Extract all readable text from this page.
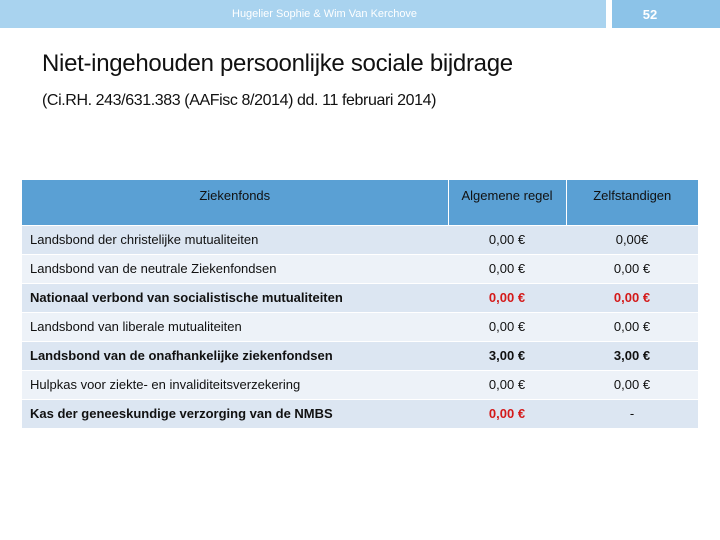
Hugelier Sophie & Wim Van Kerchove	52
Niet-ingehouden persoonlijke sociale bijdrage
(Ci.RH. 243/631.383 (AAFisc 8/2014) dd. 11 februari 2014)
Ziekenfonds	Algemene regel	Zelfstandigen
Landsbond der christelijke mutualiteiten	0,00 €	0,00€
Landsbond van de neutrale Ziekenfondsen	0,00 €	0,00 €
Nationaal verbond van socialistische mutualiteiten	0,00 €	0,00 €
Landsbond van liberale mutualiteiten	0,00 €	0,00 €
Landsbond van de onafhankelijke ziekenfondsen	3,00 €	3,00 €
Hulpkas voor ziekte- en invaliditeitsverzekering	0,00 €	0,00 €
Kas der geneeskundige verzorging van de NMBS	0,00 €	-
